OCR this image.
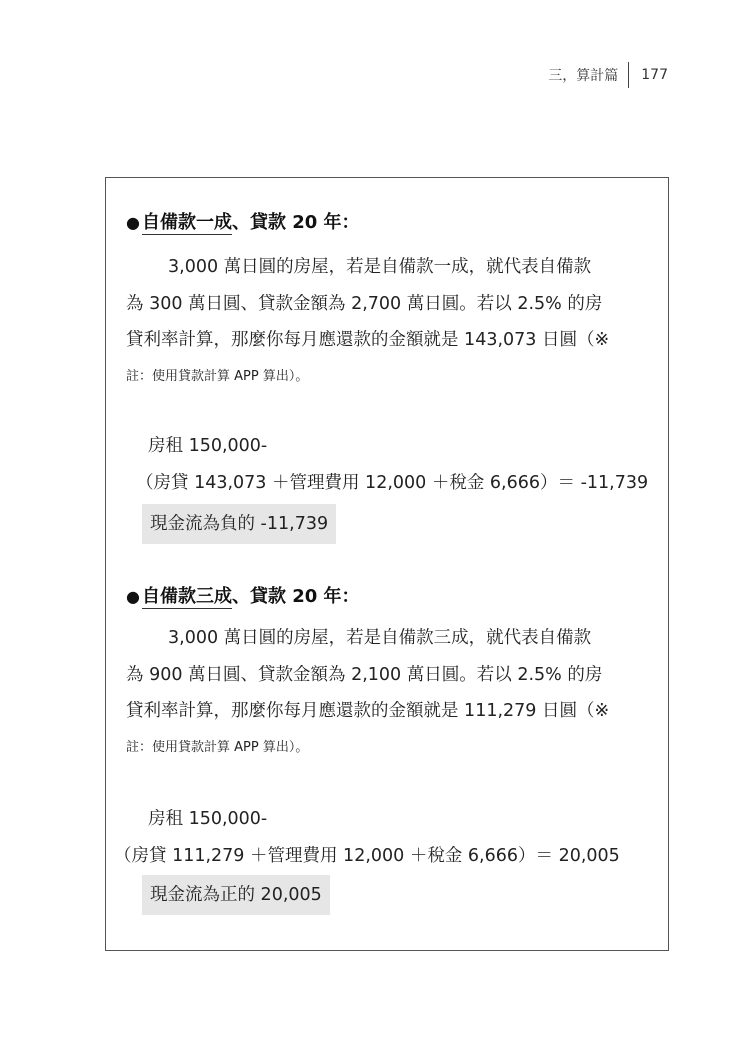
三，算計篇	177
● 自備款一成、貸款 20 年：
3,000 萬日圓的房屋，若是自備款一成，就代表自備款
為 300 萬日圓、貸款金額為 2,700 萬日圓。若以 2.5% 的房
貸利率計算，那麼你每月應還款的金額就是 143,073 日圓（※
註：使用貸款計算 APP 算出）。
房租 150,000-
（房貸 143,073 ＋管理費用 12,000 ＋稅金 6,666）＝ -11,739
現金流為負的 -11,739
● 自備款三成、貸款 20 年：
3,000 萬日圓的房屋，若是自備款三成，就代表自備款
為 900 萬日圓、貸款金額為 2,100 萬日圓。若以 2.5% 的房
貸利率計算，那麼你每月應還款的金額就是 111,279 日圓（※
註：使用貸款計算 APP 算出）。
房租 150,000-
（房貸 111,279 ＋管理費用 12,000 ＋稅金 6,666）＝ 20,005
現金流為正的 20,005
